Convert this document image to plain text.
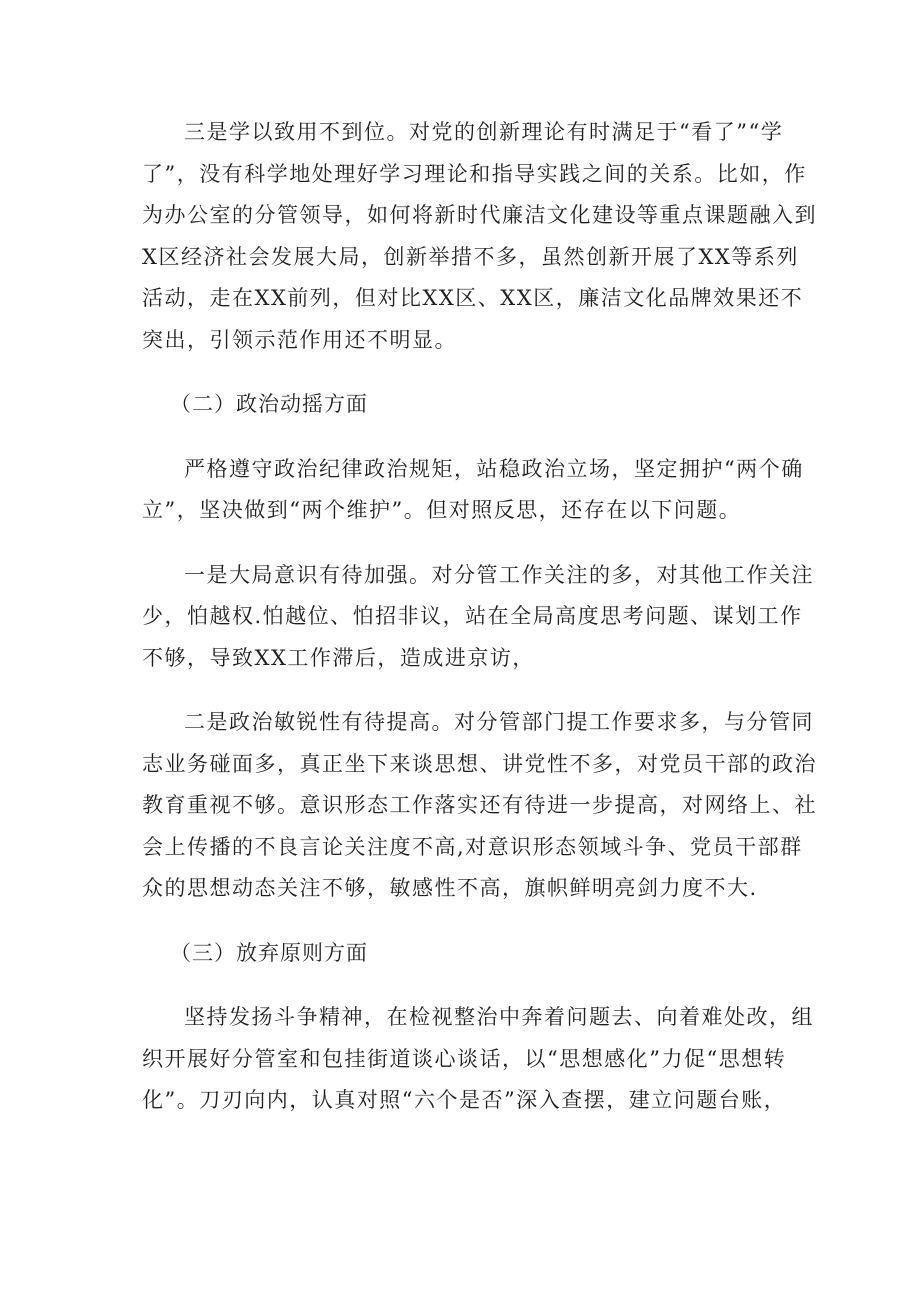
三是学以致用不到位。对党的创新理论有时满足于“看了”“学
了”，没有科学地处理好学习理论和指导实践之间的关系。比如，作
为办公室的分管领导，如何将新时代廉洁文化建设等重点课题融入到
X区经济社会发展大局，创新举措不多，虽然创新开展了XX等系列
活动，走在XX前列，但对比XX区、XX区，廉洁文化品牌效果还不
突出，引领示范作用还不明显。
（二）政治动摇方面
严格遵守政治纪律政治规矩，站稳政治立场，坚定拥护“两个确
立”，坚决做到“两个维护”。但对照反思，还存在以下问题。
一是大局意识有待加强。对分管工作关注的多，对其他工作关注
少，怕越权.怕越位、怕招非议，站在全局高度思考问题、谋划工作
不够，导致XX工作滞后，造成进京访，
二是政治敏锐性有待提高。对分管部门提工作要求多，与分管同
志业务碰面多，真正坐下来谈思想、讲党性不多，对党员干部的政治
教育重视不够。意识形态工作落实还有待进一步提高，对网络上、社
会上传播的不良言论关注度不高,对意识形态领域斗争、党员干部群
众的思想动态关注不够，敏感性不高，旗帜鲜明亮剑力度不大.
（三）放弃原则方面
坚持发扬斗争精神，在检视整治中奔着问题去、向着难处改，组
织开展好分管室和包挂街道谈心谈话，以“思想感化”力促“思想转
化”。刀刃向内，认真对照“六个是否”深入查摆，建立问题台账，
